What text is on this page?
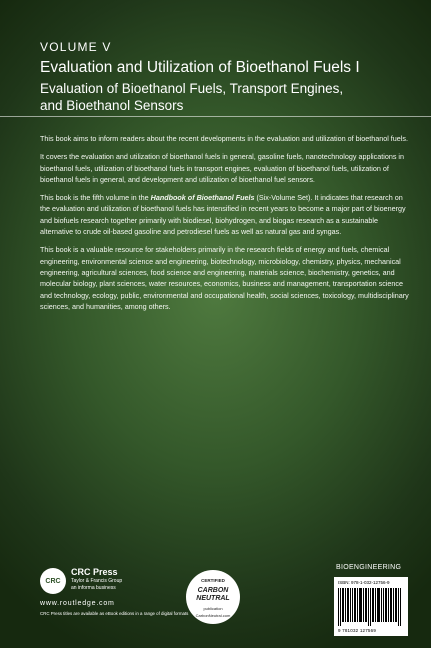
VOLUME V
Evaluation and Utilization of Bioethanol Fuels I
Evaluation of Bioethanol Fuels, Transport Engines,
and Bioethanol Sensors

This book aims to inform readers about the recent developments in the evaluation and utilization of bioethanol fuels.

It covers the evaluation and utilization of bioethanol fuels in general, gasoline fuels, nanotechnology applications in bioethanol fuels, utilization of bioethanol fuels in transport engines, evaluation of bioethanol fuels, utilization of bioethanol fuels in general, and development and utilization of bioethanol fuel sensors.

This book is the fifth volume in the Handbook of Bioethanol Fuels (Six-Volume Set). It indicates that research on the evaluation and utilization of bioethanol fuels has intensified in recent years to become a major part of bioenergy and biofuels research together primarily with biodiesel, biohydrogen, and biogas research as a sustainable alternative to crude oil-based gasoline and petrodiesel fuels as well as natural gas and syngas.

This book is a valuable resource for stakeholders primarily in the research fields of energy and fuels, chemical engineering, environmental science and engineering, biotechnology, microbiology, chemistry, physics, mechanical engineering, agricultural sciences, food science and engineering, materials science, biochemistry, genetics, and molecular biology, plant sciences, water resources, economics, business and management, transportation science and technology, ecology, public, environmental and occupational health, social sciences, toxicology, multidisciplinary sciences, and humanities, among others.

CRC
CRC Press
Taylor & Francis Group
an informa business
www.routledge.com
CRC Press titles are available as eBook editions in a range of digital formats
CERTIFIED
CARBON
NEUTRAL
publication
CarbonNeutral.com
BIOENGINEERING
ISBN: 978-1-032-12756-9
9 781032 127569
